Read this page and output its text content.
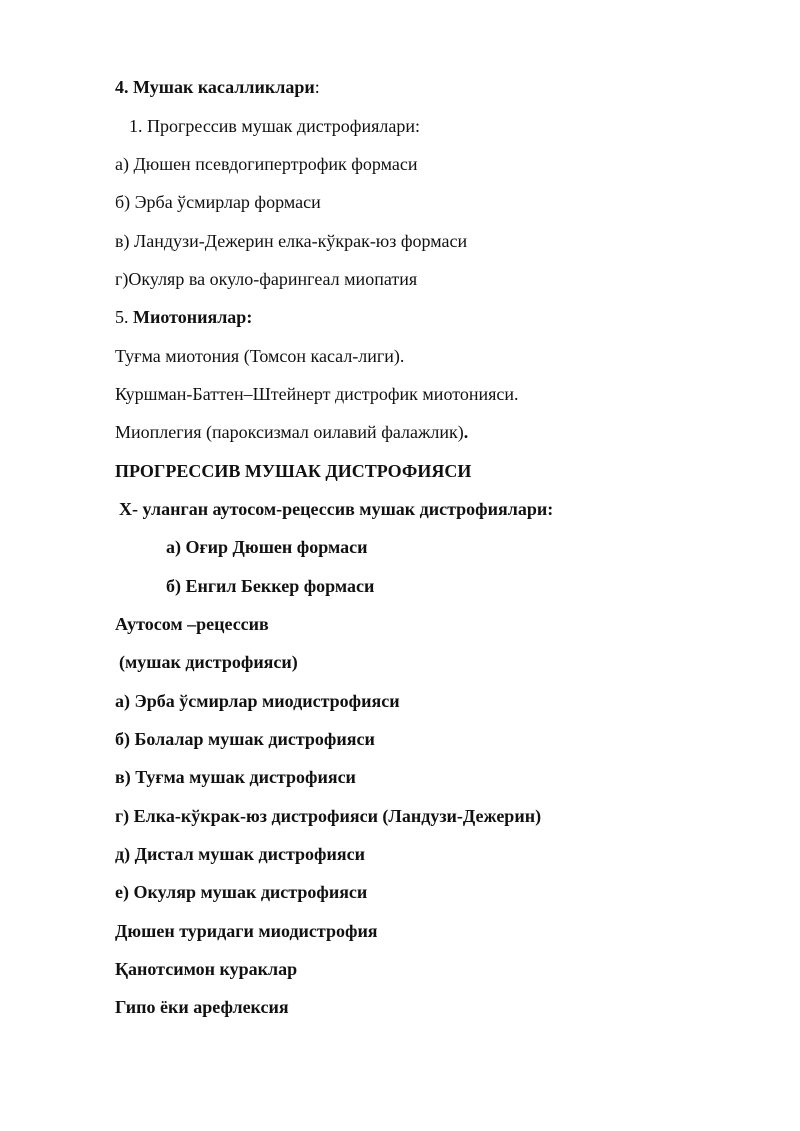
4. Мушак касалликлари:
1. Прогрессив мушак дистрофиялари:
а) Дюшен псевдогипертрофик формаси
б) Эрба ўсмирлар формаси
в) Ландузи-Дежерин елка-кўкрак-юз формаси
г)Окуляр ва окуло-фарингеал миопатия
5. Миотониялар:
Туғма миотония (Томсон касал-лиги).
Куршман-Баттен–Штейнерт дистрофик миотонияси.
Миоплегия (пароксизмал оилавий фалажлик).
ПРОГРЕССИВ МУШАК ДИСТРОФИЯСИ
Х- уланган аутосом-рецессив мушак дистрофиялари:
а) Оғир Дюшен формаси
б) Енгил Беккер формаси
Аутосом –рецессив
(мушак дистрофияси)
а) Эрба ўсмирлар миодистрофияси
б) Болалар мушак дистрофияси
в) Туғма мушак дистрофияси
г) Елка-кўкрак-юз дистрофияси (Ландузи-Дежерин)
д) Дистал мушак дистрофияси
е) Окуляр мушак дистрофияси
Дюшен туридаги миодистрофия
Қанотсимон кураклар
Гипо ёки арефлексия
